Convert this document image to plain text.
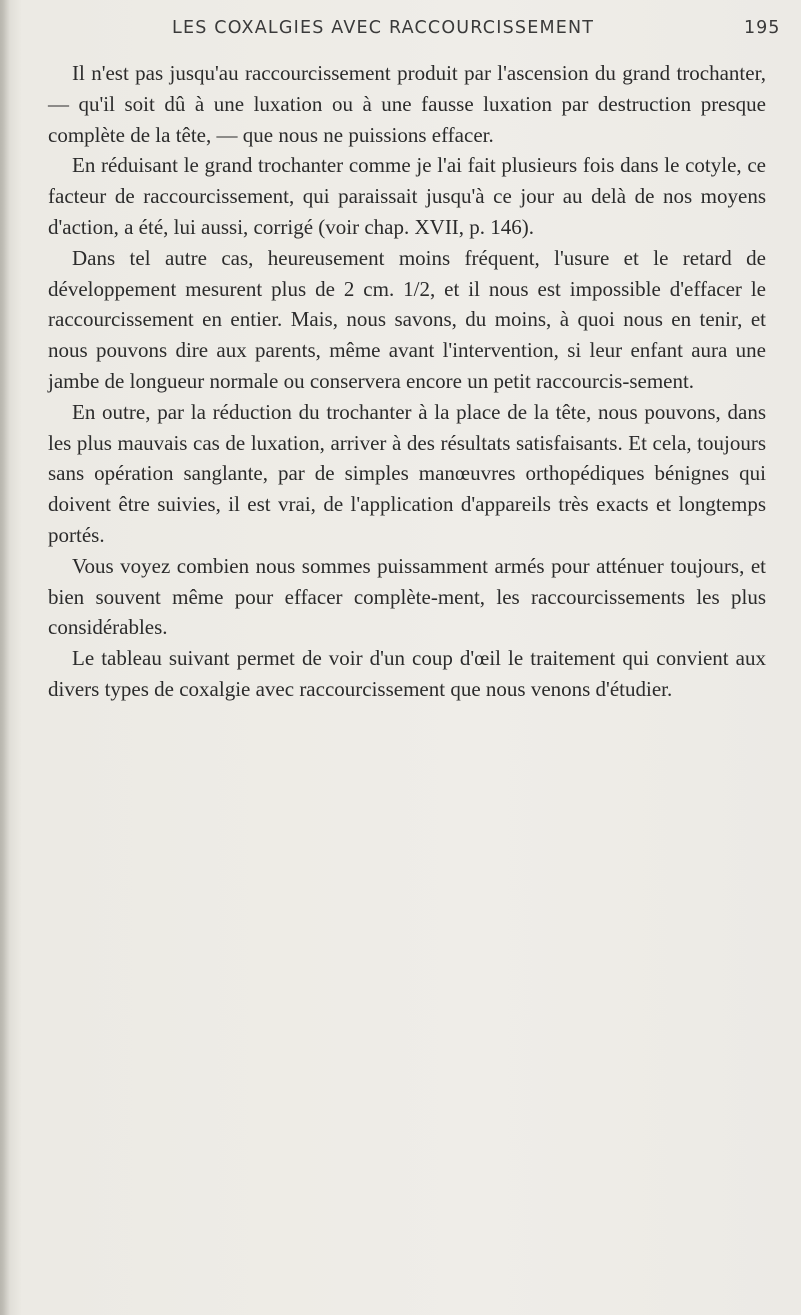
LES COXALGIES AVEC RACCOURCISSEMENT	195

Il n'est pas jusqu'au raccourcissement produit par l'ascension du grand trochanter, — qu'il soit dû à une luxation ou à une fausse luxation par destruction presque complète de la tête, — que nous ne puissions effacer.

En réduisant le grand trochanter comme je l'ai fait plusieurs fois dans le cotyle, ce facteur de raccourcissement, qui paraissait jusqu'à ce jour au delà de nos moyens d'action, a été, lui aussi, corrigé (voir chap. XVII, p. 146).

Dans tel autre cas, heureusement moins fréquent, l'usure et le retard de développement mesurent plus de 2 cm. 1/2, et il nous est impossible d'effacer le raccourcissement en entier. Mais, nous savons, du moins, à quoi nous en tenir, et nous pouvons dire aux parents, même avant l'intervention, si leur enfant aura une jambe de longueur normale ou conservera encore un petit raccourcis-sement.

En outre, par la réduction du trochanter à la place de la tête, nous pouvons, dans les plus mauvais cas de luxation, arriver à des résultats satisfaisants. Et cela, toujours sans opération sanglante, par de simples manœuvres orthopédiques bénignes qui doivent être suivies, il est vrai, de l'application d'appareils très exacts et longtemps portés.

Vous voyez combien nous sommes puissamment armés pour atténuer toujours, et bien souvent même pour effacer complète-ment, les raccourcissements les plus considérables.

Le tableau suivant permet de voir d'un coup d'œil le traitement qui convient aux divers types de coxalgie avec raccourcissement que nous venons d'étudier.
